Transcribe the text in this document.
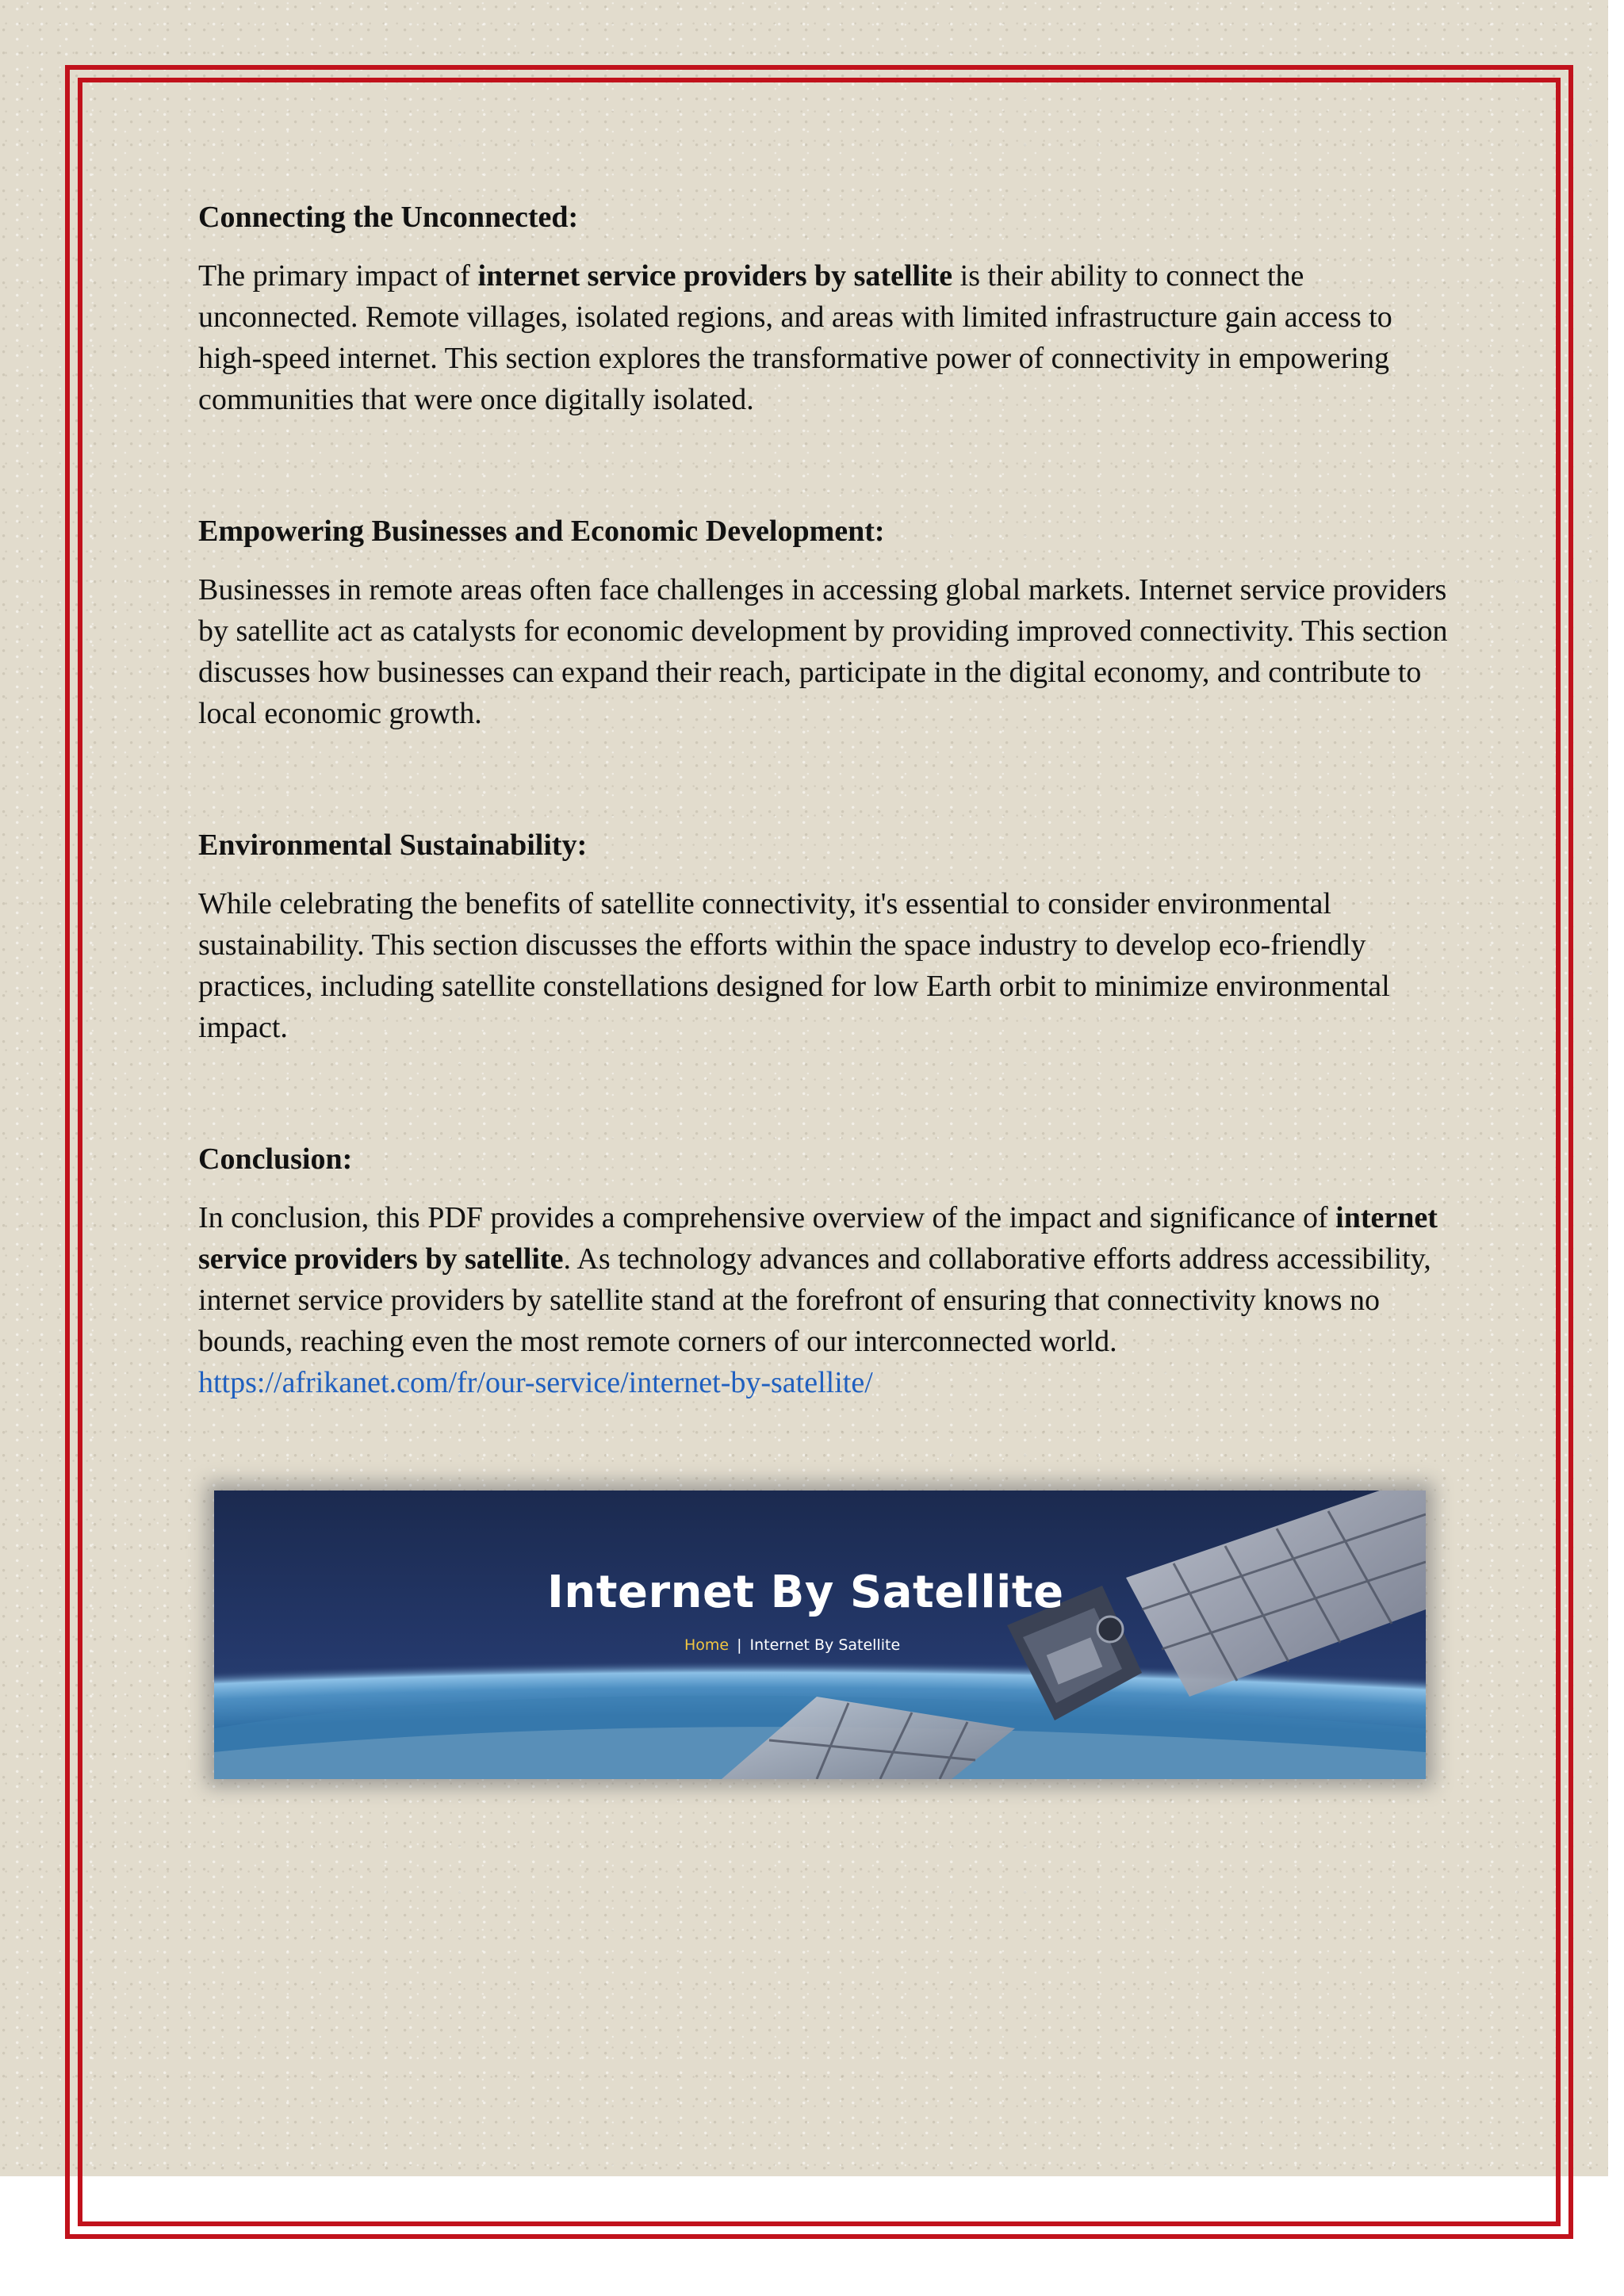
Connecting the Unconnected:

The primary impact of internet service providers by satellite is their ability to connect the unconnected. Remote villages, isolated regions, and areas with limited infrastructure gain access to high-speed internet. This section explores the transformative power of connectivity in empowering communities that were once digitally isolated.

Empowering Businesses and Economic Development:

Businesses in remote areas often face challenges in accessing global markets. Internet service providers by satellite act as catalysts for economic development by providing improved connectivity. This section discusses how businesses can expand their reach, participate in the digital economy, and contribute to local economic growth.

Environmental Sustainability:

While celebrating the benefits of satellite connectivity, it's essential to consider environmental sustainability. This section discusses the efforts within the space industry to develop eco-friendly practices, including satellite constellations designed for low Earth orbit to minimize environmental impact.

Conclusion:

In conclusion, this PDF provides a comprehensive overview of the impact and significance of internet service providers by satellite. As technology advances and collaborative efforts address accessibility, internet service providers by satellite stand at the forefront of ensuring that connectivity knows no bounds, reaching even the most remote corners of our interconnected world. https://afrikanet.com/fr/our-service/internet-by-satellite/

Internet By Satellite
Home | Internet By Satellite
